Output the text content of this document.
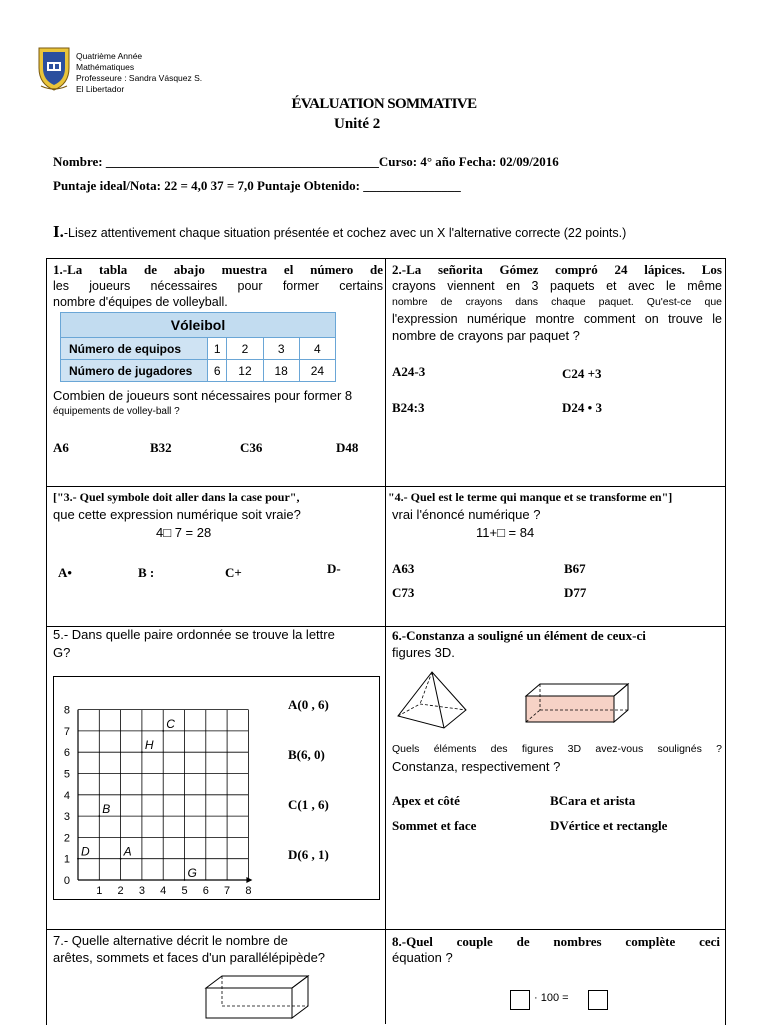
Quatrième Année
Mathématiques
Professeure : Sandra Vásquez S.
El Libertador
ÉVALUATION SOMMATIVE
Unité 2
Nombre: __________________________________________Curso: 4° año Fecha: 02/09/2016
Puntaje ideal/Nota: 22 = 4,0 37 = 7,0 Puntaje Obtenido: _______________
I.-Lisez attentivement chaque situation présentée et cochez avec un X l'alternative correcte (22 points.)
1.-La tabla de abajo muestra el número de
les joueurs nécessaires pour former certains
nombre d'équipes de volleyball.
Vóleibol
Número de equipos	1	2	3	4
Número de jugadores	6	12	18	24
Combien de joueurs sont nécessaires pour former 8
équipements de volley-ball ?
A6	B32	C36	D48
2.-La señorita Gómez compró 24 lápices. Los
crayons viennent en 3 paquets et avec le même
nombre de crayons dans chaque paquet. Qu'est-ce que
l'expression numérique montre comment on trouve le
nombre de crayons par paquet ?
A24-3	C24 +3
B24:3	D24 • 3
["3.- Quel symbole doit aller dans la case pour",
que cette expression numérique soit vraie?
4□ 7 = 28
A•	B :	C+	D-
"4.- Quel est le terme qui manque et se transforme en"]
vrai l'énoncé numérique ?
11+□ = 84
A63	B67
C73	D77
5.- Dans quelle paire ordonnée se trouve la lettre
G?
8
7
6
5
4
3
2
1
0
1 2 3 4 5 6 7 8
C
H
B
D	A
G
A(0 , 6)
B(6, 0)
C(1 , 6)
D(6 , 1)
6.-Constanza a souligné un élément de ceux-ci
figures 3D.
Quels éléments des figures 3D avez-vous soulignés ?
Constanza, respectivement ?
Apex et côté	BCara et arista
Sommet et face	DVértice et rectangle
7.- Quelle alternative décrit le nombre de
arêtes, sommets et faces d'un parallélépipède?
8.-Quel couple de nombres complète ceci
équation ?
· 100 =
